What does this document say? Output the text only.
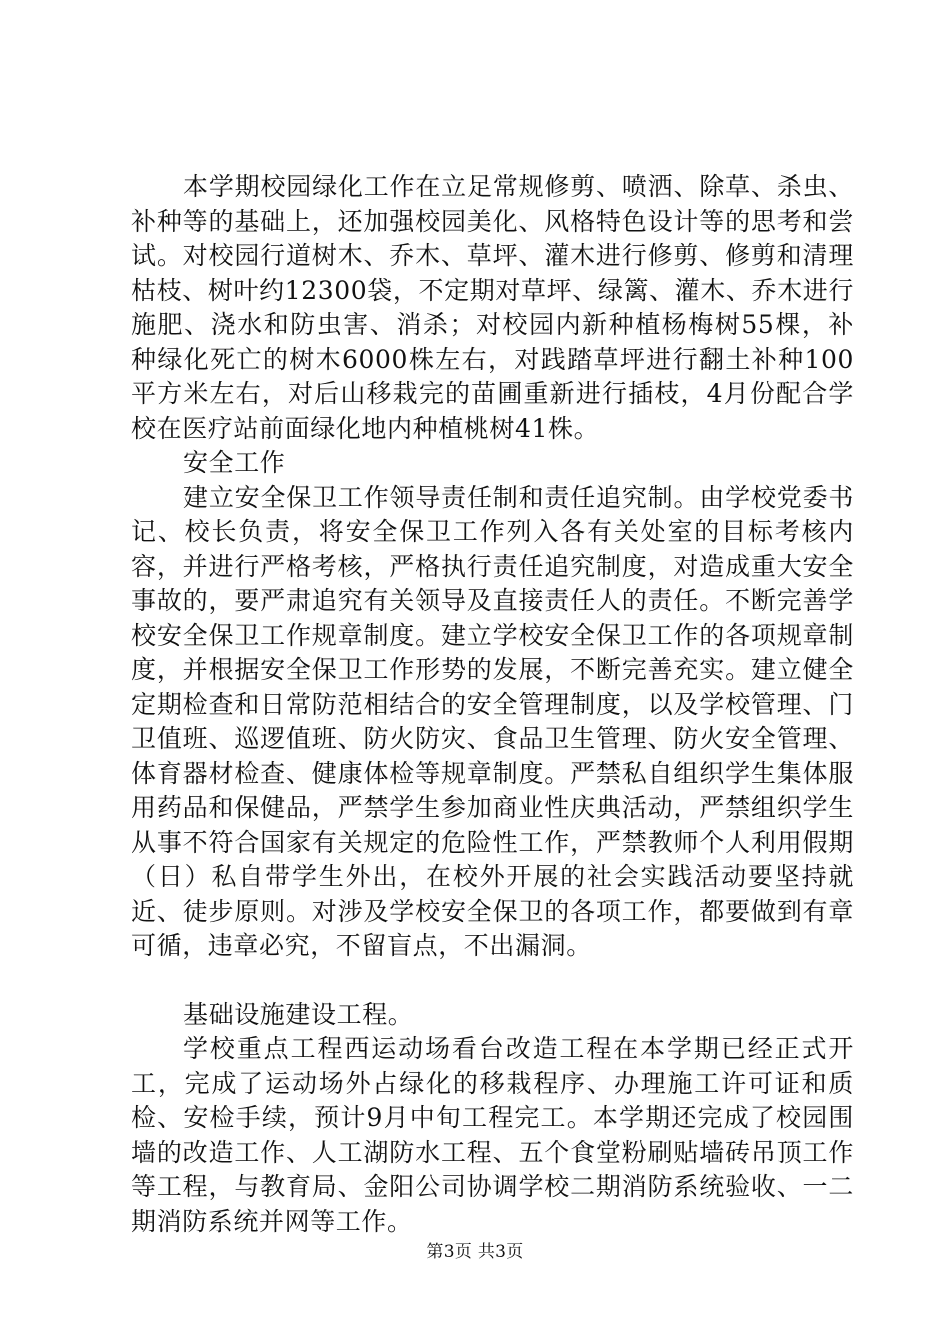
本学期校园绿化工作在立足常规修剪、喷洒、除草、杀虫、补种等的基础上，还加强校园美化、风格特色设计等的思考和尝试。对校园行道树木、乔木、草坪、灌木进行修剪、修剪和清理枯枝、树叶约12300袋，不定期对草坪、绿篱、灌木、乔木进行施肥、浇水和防虫害、消杀；对校园内新种植杨梅树55棵，补种绿化死亡的树木6000株左右，对践踏草坪进行翻土补种100平方米左右，对后山移栽完的苗圃重新进行插枝，4月份配合学校在医疗站前面绿化地内种植桃树41株。

安全工作

建立安全保卫工作领导责任制和责任追究制。由学校党委书记、校长负责，将安全保卫工作列入各有关处室的目标考核内容，并进行严格考核，严格执行责任追究制度，对造成重大安全事故的，要严肃追究有关领导及直接责任人的责任。不断完善学校安全保卫工作规章制度。建立学校安全保卫工作的各项规章制度，并根据安全保卫工作形势的发展，不断完善充实。建立健全定期检查和日常防范相结合的安全管理制度，以及学校管理、门卫值班、巡逻值班、防火防灾、食品卫生管理、防火安全管理、体育器材检查、健康体检等规章制度。严禁私自组织学生集体服用药品和保健品，严禁学生参加商业性庆典活动，严禁组织学生从事不符合国家有关规定的危险性工作，严禁教师个人利用假期（日）私自带学生外出，在校外开展的社会实践活动要坚持就近、徒步原则。对涉及学校安全保卫的各项工作，都要做到有章可循，违章必究，不留盲点，不出漏洞。

基础设施建设工程。

学校重点工程西运动场看台改造工程在本学期已经正式开工，完成了运动场外占绿化的移栽程序、办理施工许可证和质检、安检手续，预计9月中旬工程完工。本学期还完成了校园围墙的改造工作、人工湖防水工程、五个食堂粉刷贴墙砖吊顶工作等工程，与教育局、金阳公司协调学校二期消防系统验收、一二期消防系统并网等工作。

第3页 共3页
